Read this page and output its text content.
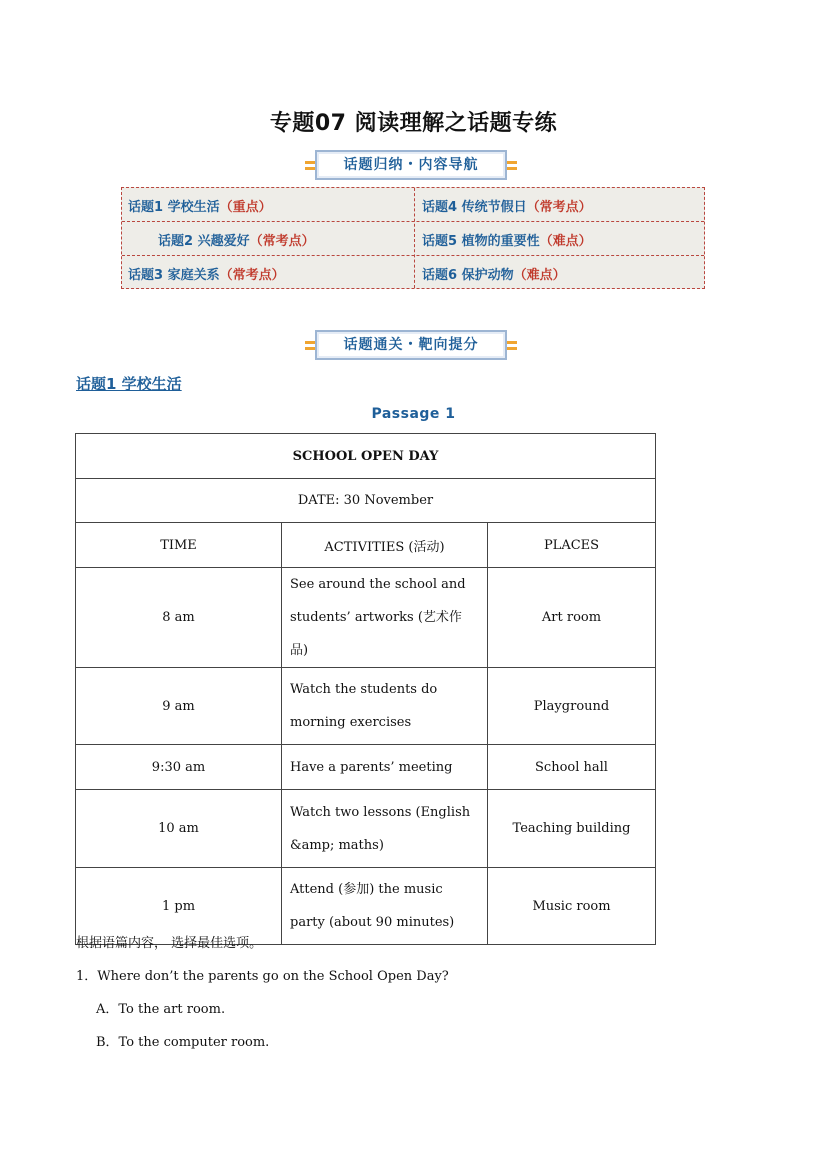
专题07 阅读理解之话题专练
话题归纳・内容导航
话题1 学校生活（重点）	话题4 传统节假日（常考点）
话题2 兴趣爱好（常考点）	话题5 植物的重要性（难点）
话题3 家庭关系（常考点）	话题6 保护动物（难点）
话题通关・靶向提分
话题1 学校生活
Passage 1
SCHOOL OPEN DAY		
DATE: 30 November		
TIME	ACTIVITIES (活动)	PLACES
8 am	See around the school and students’ artworks (艺术作品)	Art room
9 am	Watch the students do morning exercises	Playground
9:30 am	Have a parents’ meeting	School hall
10 am	Watch two lessons (English &amp; maths)	Teaching building
1 pm	Attend (参加) the music party (about 90 minutes)	Music room
根据语篇内容， 选择最佳选项。
1．Where don’t the parents go on the School Open Day?
A．To the art room.
B．To the computer room.
